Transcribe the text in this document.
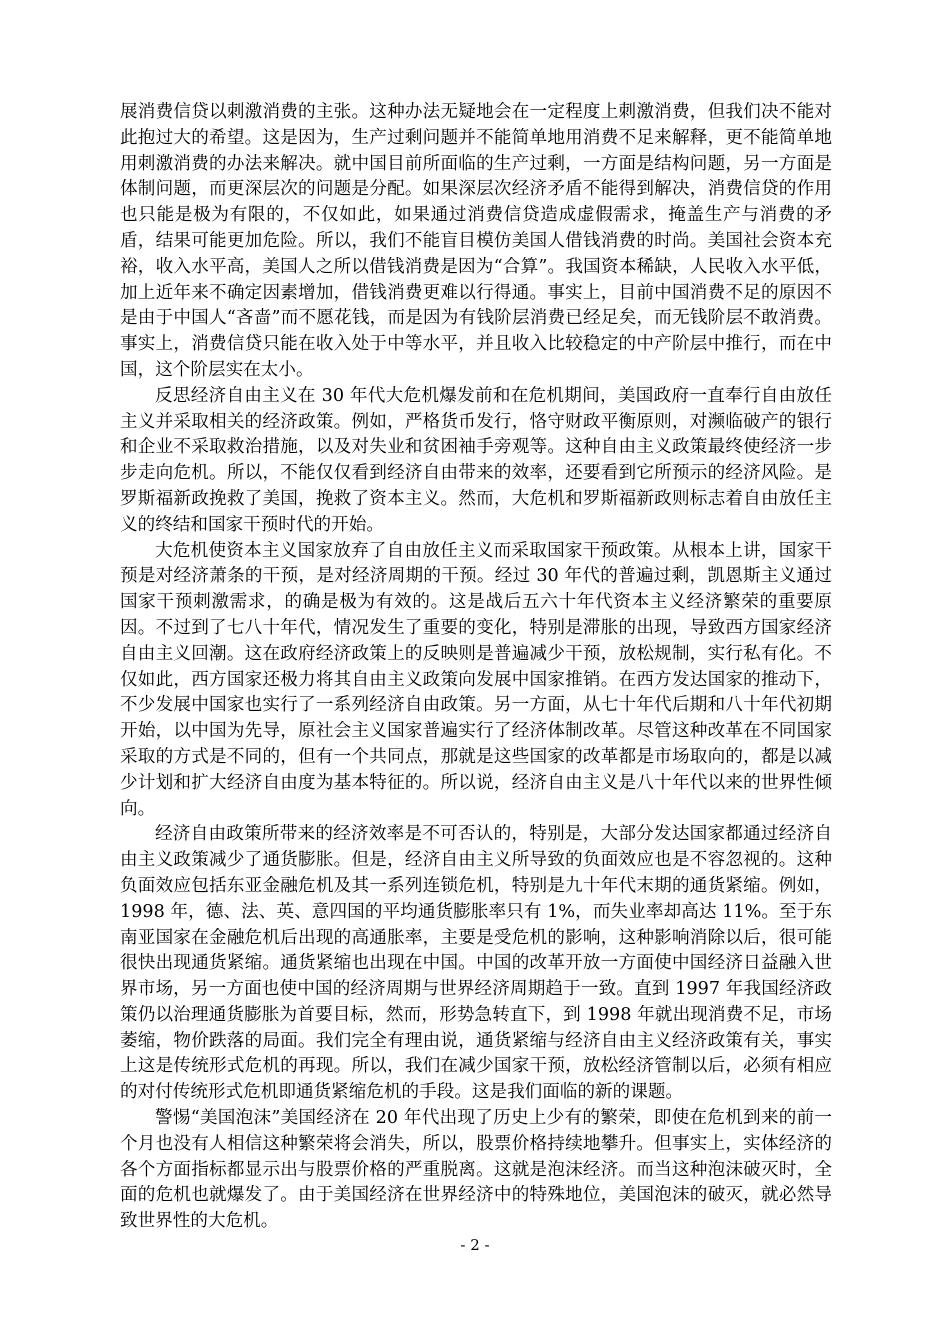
展消费信贷以刺激消费的主张。这种办法无疑地会在一定程度上刺激消费，但我们决不能对此抱过大的希望。这是因为，生产过剩问题并不能简单地用消费不足来解释，更不能简单地用刺激消费的办法来解决。就中国目前所面临的生产过剩，一方面是结构问题，另一方面是体制问题，而更深层次的问题是分配。如果深层次经济矛盾不能得到解决，消费信贷的作用也只能是极为有限的，不仅如此，如果通过消费信贷造成虚假需求，掩盖生产与消费的矛盾，结果可能更加危险。所以，我们不能盲目模仿美国人借钱消费的时尚。美国社会资本充裕，收入水平高，美国人之所以借钱消费是因为“合算”。我国资本稀缺，人民收入水平低，加上近年来不确定因素增加，借钱消费更难以行得通。事实上，目前中国消费不足的原因不是由于中国人“吝啬”而不愿花钱，而是因为有钱阶层消费已经足矣，而无钱阶层不敢消费。事实上，消费信贷只能在收入处于中等水平，并且收入比较稳定的中产阶层中推行，而在中国，这个阶层实在太小。

反思经济自由主义在 30 年代大危机爆发前和在危机期间，美国政府一直奉行自由放任主义并采取相关的经济政策。例如，严格货币发行，恪守财政平衡原则，对濒临破产的银行和企业不采取救治措施，以及对失业和贫困袖手旁观等。这种自由主义政策最终使经济一步步走向危机。所以，不能仅仅看到经济自由带来的效率，还要看到它所预示的经济风险。是罗斯福新政挽救了美国，挽救了资本主义。然而，大危机和罗斯福新政则标志着自由放任主义的终结和国家干预时代的开始。

大危机使资本主义国家放弃了自由放任主义而采取国家干预政策。从根本上讲，国家干预是对经济萧条的干预，是对经济周期的干预。经过 30 年代的普遍过剩，凯恩斯主义通过国家干预刺激需求，的确是极为有效的。这是战后五六十年代资本主义经济繁荣的重要原因。不过到了七八十年代，情况发生了重要的变化，特别是滞胀的出现，导致西方国家经济自由主义回潮。这在政府经济政策上的反映则是普遍减少干预，放松规制，实行私有化。不仅如此，西方国家还极力将其自由主义政策向发展中国家推销。在西方发达国家的推动下，不少发展中国家也实行了一系列经济自由政策。另一方面，从七十年代后期和八十年代初期开始，以中国为先导，原社会主义国家普遍实行了经济体制改革。尽管这种改革在不同国家采取的方式是不同的，但有一个共同点，那就是这些国家的改革都是市场取向的，都是以减少计划和扩大经济自由度为基本特征的。所以说，经济自由主义是八十年代以来的世界性倾向。

经济自由政策所带来的经济效率是不可否认的，特别是，大部分发达国家都通过经济自由主义政策减少了通货膨胀。但是，经济自由主义所导致的负面效应也是不容忽视的。这种负面效应包括东亚金融危机及其一系列连锁危机，特别是九十年代末期的通货紧缩。例如，1998 年，德、法、英、意四国的平均通货膨胀率只有 1%，而失业率却高达 11%。至于东南亚国家在金融危机后出现的高通胀率，主要是受危机的影响，这种影响消除以后，很可能很快出现通货紧缩。通货紧缩也出现在中国。中国的改革开放一方面使中国经济日益融入世界市场，另一方面也使中国的经济周期与世界经济周期趋于一致。直到 1997 年我国经济政策仍以治理通货膨胀为首要目标，然而，形势急转直下，到 1998 年就出现消费不足，市场萎缩，物价跌落的局面。我们完全有理由说，通货紧缩与经济自由主义经济政策有关，事实上这是传统形式危机的再现。所以，我们在减少国家干预，放松经济管制以后，必须有相应的对付传统形式危机即通货紧缩危机的手段。这是我们面临的新的课题。

警惕“美国泡沫”美国经济在 20 年代出现了历史上少有的繁荣，即使在危机到来的前一个月也没有人相信这种繁荣将会消失，所以，股票价格持续地攀升。但事实上，实体经济的各个方面指标都显示出与股票价格的严重脱离。这就是泡沫经济。而当这种泡沫破灭时，全面的危机也就爆发了。由于美国经济在世界经济中的特殊地位，美国泡沫的破灭，就必然导致世界性的大危机。

- 2 -
